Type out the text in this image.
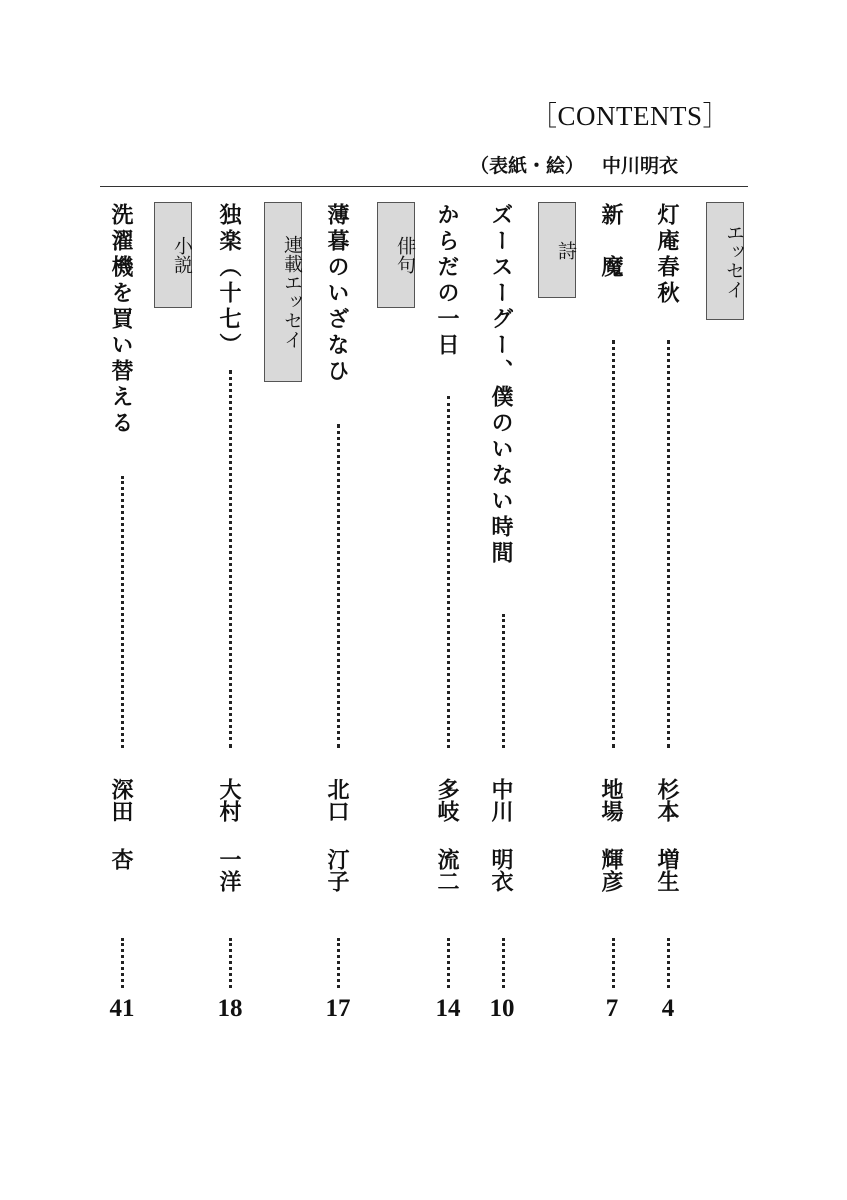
［CONTENTS］
（表紙・絵） 中川明衣
エッセイ
詩
俳句
連載エッセイ
小説	灯庵春秋
杉本増生
4
新　魔
地場輝彦
7
ズースーグー、僕のいない時間
中川明衣
10
からだの一日
多岐流二
14
薄暮のいざなひ
北口汀子
17
独楽（十七）
大村一洋
18
洗濯機を買い替える
深田杏
41
